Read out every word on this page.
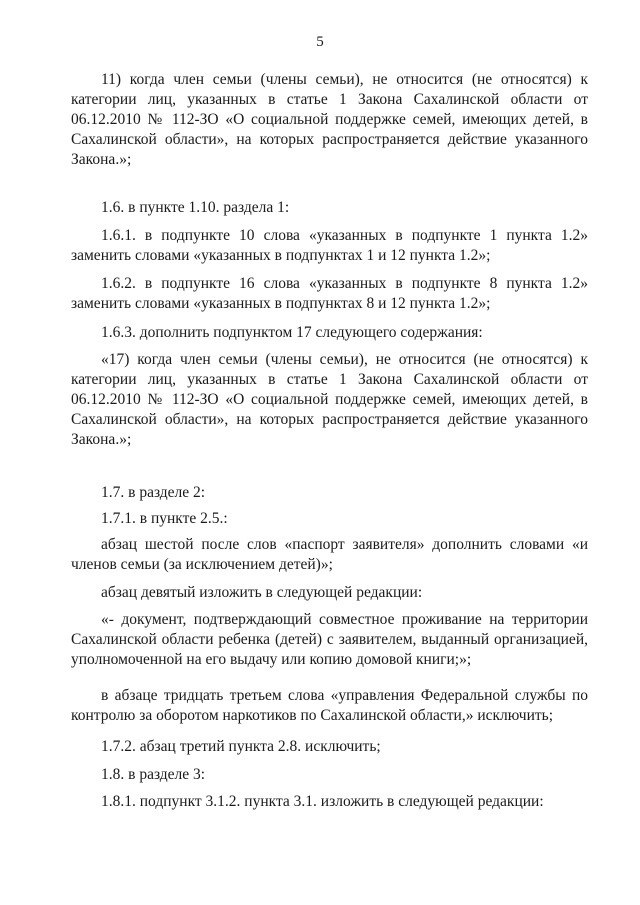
5
11) когда член семьи (члены семьи), не относится (не относятся) к
категории лиц, указанных в статье 1 Закона Сахалинской области от
06.12.2010 № 112-ЗО «О социальной поддержке семей, имеющих детей, в
Сахалинской области», на которых распространяется действие указанного
Закона.»;
1.6. в пункте 1.10. раздела 1:
1.6.1. в подпункте 10 слова «указанных в подпункте 1 пункта 1.2»
заменить словами «указанных в подпунктах 1 и 12 пункта 1.2»;
1.6.2. в подпункте 16 слова «указанных в подпункте 8 пункта 1.2»
заменить словами «указанных в подпунктах 8 и 12 пункта 1.2»;
1.6.3. дополнить подпунктом 17 следующего содержания:
«17) когда член семьи (члены семьи), не относится (не относятся) к
категории лиц, указанных в статье 1 Закона Сахалинской области от
06.12.2010 № 112-ЗО «О социальной поддержке семей, имеющих детей, в
Сахалинской области», на которых распространяется действие указанного
Закона.»;
1.7. в разделе 2:
1.7.1. в пункте 2.5.:
абзац шестой после слов «паспорт заявителя» дополнить словами «и
членов семьи (за исключением детей)»;
абзац девятый изложить в следующей редакции:
«- документ, подтверждающий совместное проживание на территории
Сахалинской области ребенка (детей) с заявителем, выданный организацией,
уполномоченной на его выдачу или копию домовой книги;»;
в абзаце тридцать третьем слова «управления Федеральной службы по
контролю за оборотом наркотиков по Сахалинской области,» исключить;
1.7.2. абзац третий пункта 2.8. исключить;
1.8. в разделе 3:
1.8.1. подпункт 3.1.2. пункта 3.1. изложить в следующей редакции:
